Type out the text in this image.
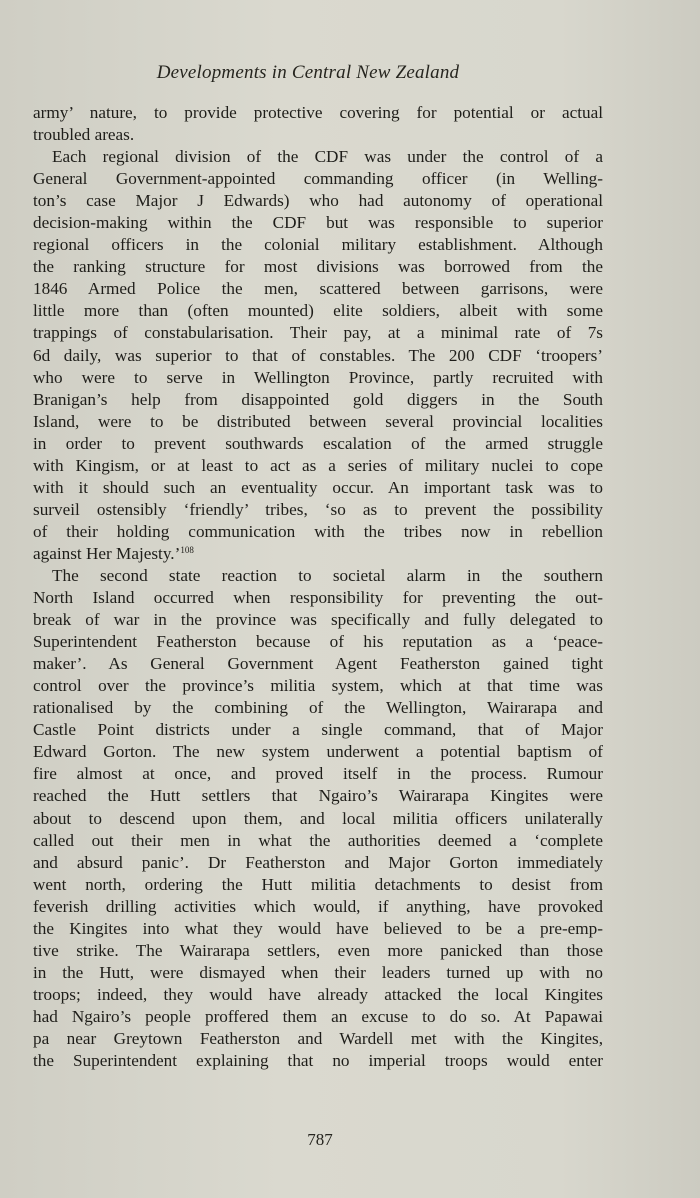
Developments in Central New Zealand
army’ nature, to provide protective covering for potential or actual
troubled areas.
Each regional division of the CDF was under the control of a
General Government-appointed commanding officer (in Welling-
ton’s case Major J Edwards) who had autonomy of operational
decision-making within the CDF but was responsible to superior
regional officers in the colonial military establishment. Although
the ranking structure for most divisions was borrowed from the
1846 Armed Police the men, scattered between garrisons, were
little more than (often mounted) elite soldiers, albeit with some
trappings of constabularisation. Their pay, at a minimal rate of 7s
6d daily, was superior to that of constables. The 200 CDF ‘troopers’
who were to serve in Wellington Province, partly recruited with
Branigan’s help from disappointed gold diggers in the South
Island, were to be distributed between several provincial localities
in order to prevent southwards escalation of the armed struggle
with Kingism, or at least to act as a series of military nuclei to cope
with it should such an eventuality occur. An important task was to
surveil ostensibly ‘friendly’ tribes, ‘so as to prevent the possibility
of their holding communication with the tribes now in rebellion
against Her Majesty.’$^{108}$
The second state reaction to societal alarm in the southern
North Island occurred when responsibility for preventing the out-
break of war in the province was specifically and fully delegated to
Superintendent Featherston because of his reputation as a ‘peace-
maker’. As General Government Agent Featherston gained tight
control over the province’s militia system, which at that time was
rationalised by the combining of the Wellington, Wairarapa and
Castle Point districts under a single command, that of Major
Edward Gorton. The new system underwent a potential baptism of
fire almost at once, and proved itself in the process. Rumour
reached the Hutt settlers that Ngairo’s Wairarapa Kingites were
about to descend upon them, and local militia officers unilaterally
called out their men in what the authorities deemed a ‘complete
and absurd panic’. Dr Featherston and Major Gorton immediately
went north, ordering the Hutt militia detachments to desist from
feverish drilling activities which would, if anything, have provoked
the Kingites into what they would have believed to be a pre-emp-
tive strike. The Wairarapa settlers, even more panicked than those
in the Hutt, were dismayed when their leaders turned up with no
troops; indeed, they would have already attacked the local Kingites
had Ngairo’s people proffered them an excuse to do so. At Papawai
pa near Greytown Featherston and Wardell met with the Kingites,
the Superintendent explaining that no imperial troops would enter
787
